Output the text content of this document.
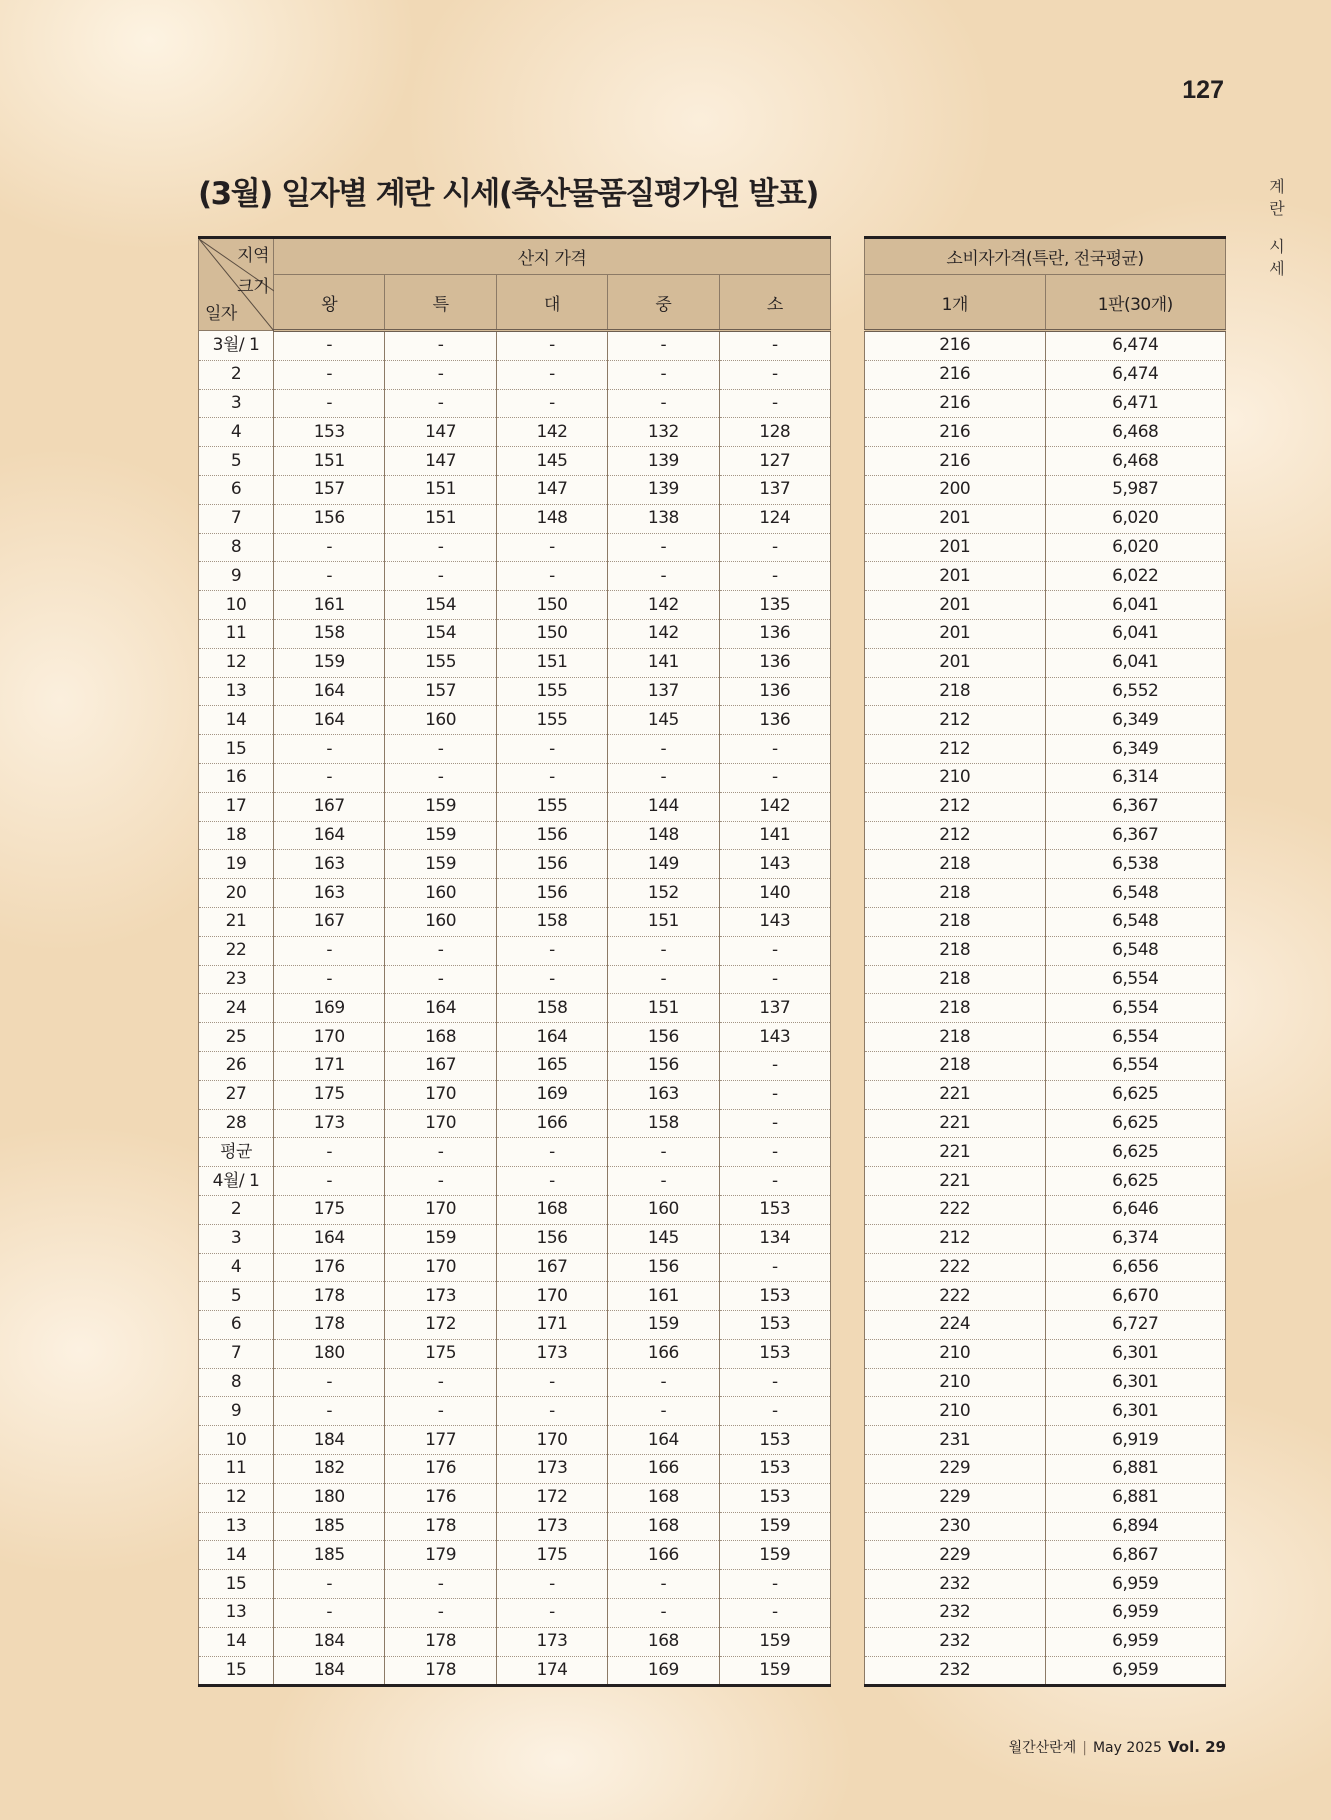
127
계
란
시
세
(3월) 일자별 계란 시세(축산물품질평가원 발표)
지역
크기
일자	산지 가격				
	왕	특	대	중	소
3월/ 1	-	-	-	-	-
2	-	-	-	-	-
3	-	-	-	-	-
4	153	147	142	132	128
5	151	147	145	139	127
6	157	151	147	139	137
7	156	151	148	138	124
8	-	-	-	-	-
9	-	-	-	-	-
10	161	154	150	142	135
11	158	154	150	142	136
12	159	155	151	141	136
13	164	157	155	137	136
14	164	160	155	145	136
15	-	-	-	-	-
16	-	-	-	-	-
17	167	159	155	144	142
18	164	159	156	148	141
19	163	159	156	149	143
20	163	160	156	152	140
21	167	160	158	151	143
22	-	-	-	-	-
23	-	-	-	-	-
24	169	164	158	151	137
25	170	168	164	156	143
26	171	167	165	156	-
27	175	170	169	163	-
28	173	170	166	158	-
평균	-	-	-	-	-
4월/ 1	-	-	-	-	-
2	175	170	168	160	153
3	164	159	156	145	134
4	176	170	167	156	-
5	178	173	170	161	153
6	178	172	171	159	153
7	180	175	173	166	153
8	-	-	-	-	-
9	-	-	-	-	-
10	184	177	170	164	153
11	182	176	173	166	153
12	180	176	172	168	153
13	185	178	173	168	159
14	185	179	175	166	159
15	-	-	-	-	-
13	-	-	-	-	-
14	184	178	173	168	159
15	184	178	174	169	159
소비자가격(특란, 전국평균)	
1개	1판(30개)
216	6,474
216	6,474
216	6,471
216	6,468
216	6,468
200	5,987
201	6,020
201	6,020
201	6,022
201	6,041
201	6,041
201	6,041
218	6,552
212	6,349
212	6,349
210	6,314
212	6,367
212	6,367
218	6,538
218	6,548
218	6,548
218	6,548
218	6,554
218	6,554
218	6,554
218	6,554
221	6,625
221	6,625
221	6,625
221	6,625
222	6,646
212	6,374
222	6,656
222	6,670
224	6,727
210	6,301
210	6,301
210	6,301
231	6,919
229	6,881
229	6,881
230	6,894
229	6,867
232	6,959
232	6,959
232	6,959
232	6,959
월간산란계 | May 2025 Vol. 29
